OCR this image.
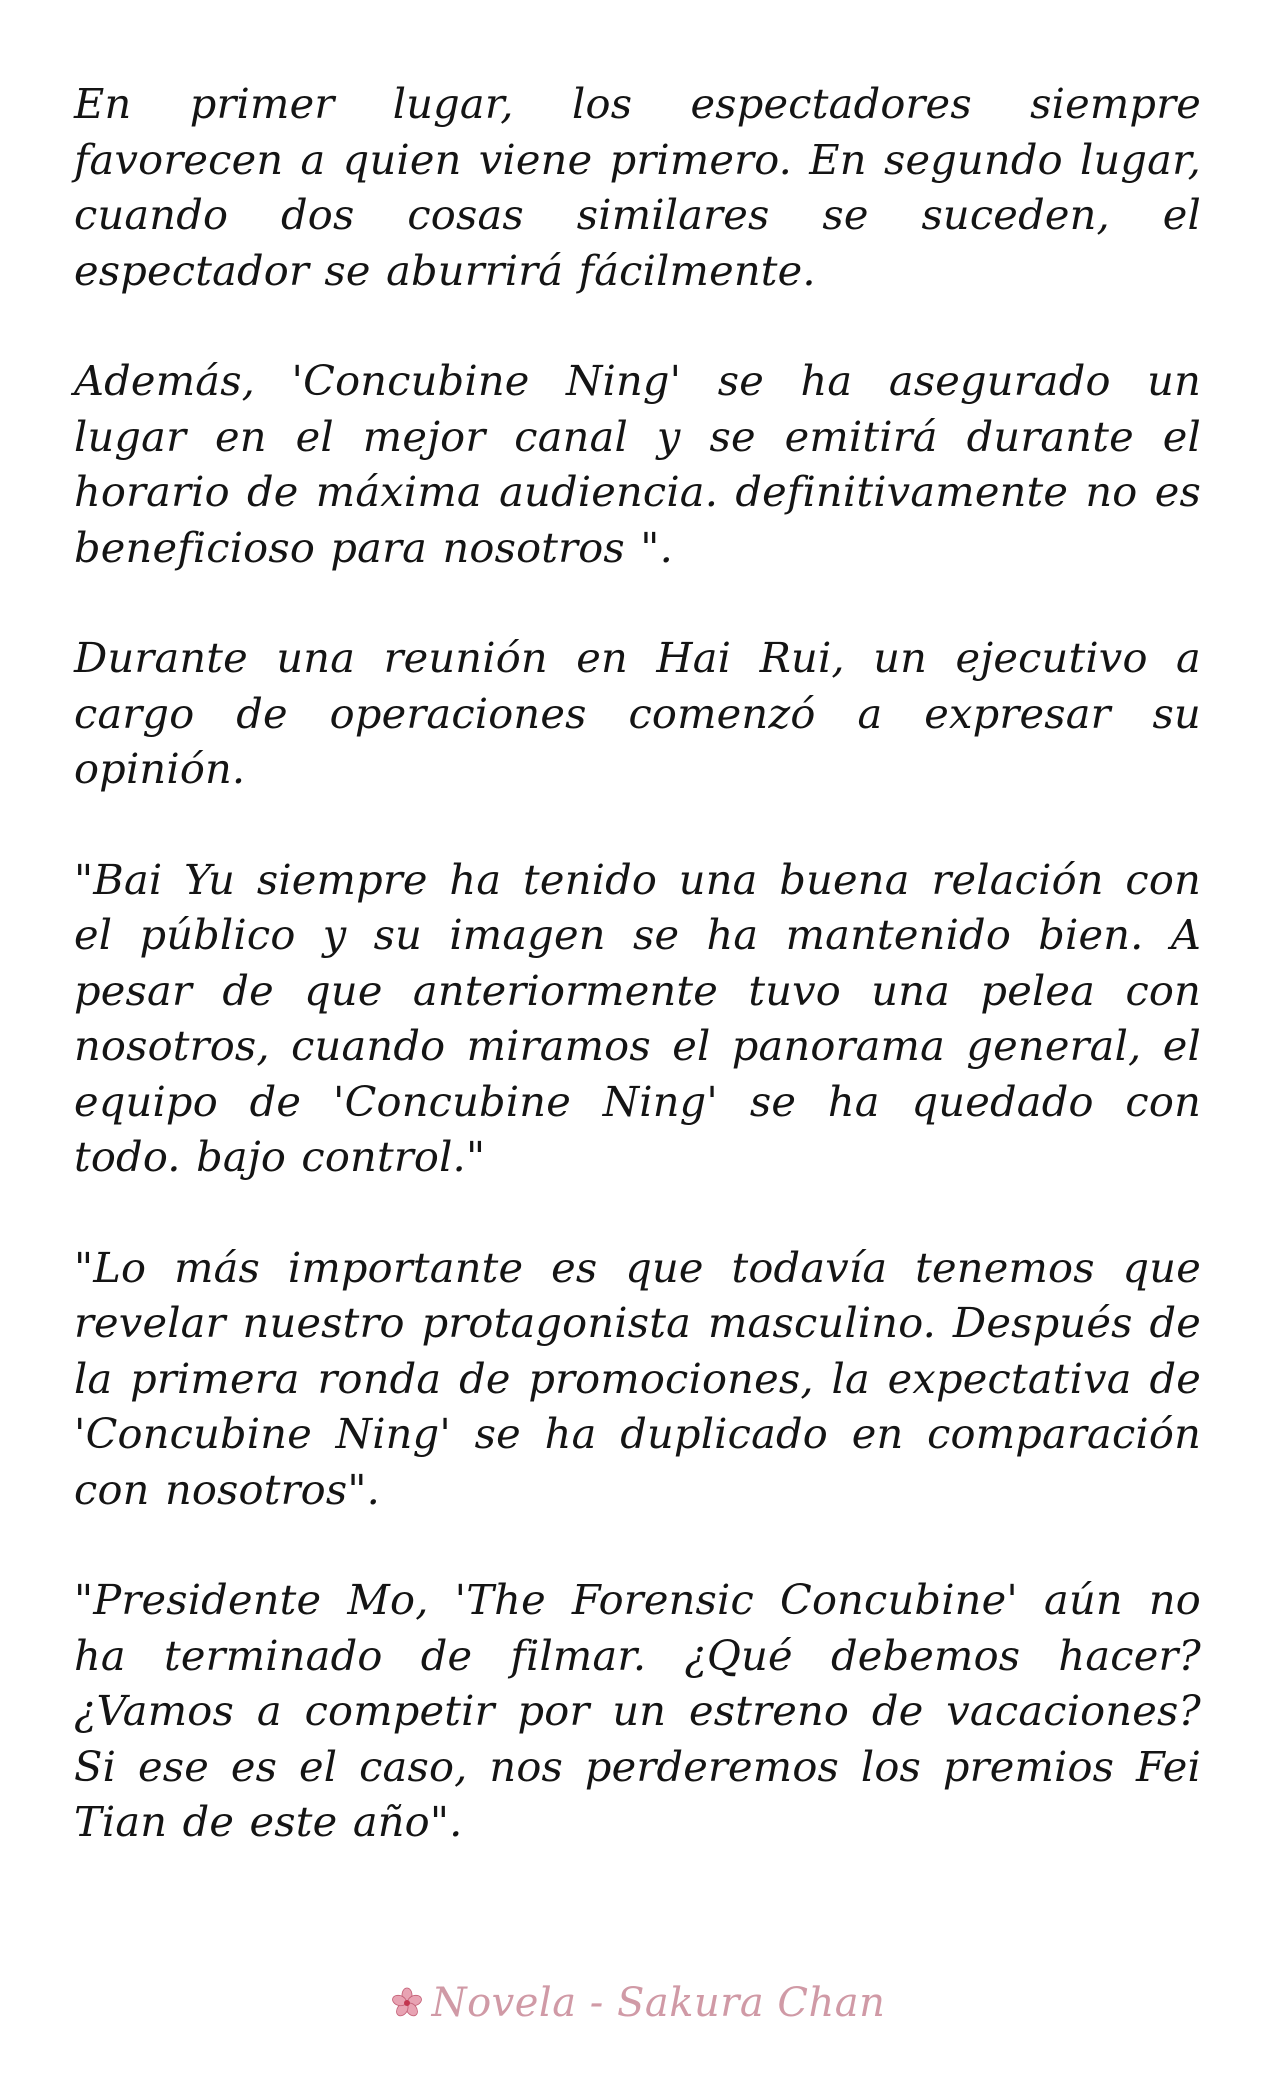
En primer lugar, los espectadores siempre favorecen a quien viene primero. En segundo lugar, cuando dos cosas similares se suceden, el espectador se aburrirá fácilmente.

Además, 'Concubine Ning' se ha asegurado un lugar en el mejor canal y se emitirá durante el horario de máxima audiencia. definitivamente no es beneficioso para nosotros ".

Durante una reunión en Hai Rui, un ejecutivo a cargo de operaciones comenzó a expresar su opinión.

"Bai Yu siempre ha tenido una buena relación con el público y su imagen se ha mantenido bien. A pesar de que anteriormente tuvo una pelea con nosotros, cuando miramos el panorama general, el equipo de 'Concubine Ning' se ha quedado con todo. bajo control."

"Lo más importante es que todavía tenemos que revelar nuestro protagonista masculino. Después de la primera ronda de promociones, la expectativa de 'Concubine Ning' se ha duplicado en comparación con nosotros".

"Presidente Mo, 'The Forensic Concubine' aún no ha terminado de filmar. ¿Qué debemos hacer? ¿Vamos a competir por un estreno de vacaciones? Si ese es el caso, nos perderemos los premios Fei Tian de este año".

Novela - Sakura Chan
